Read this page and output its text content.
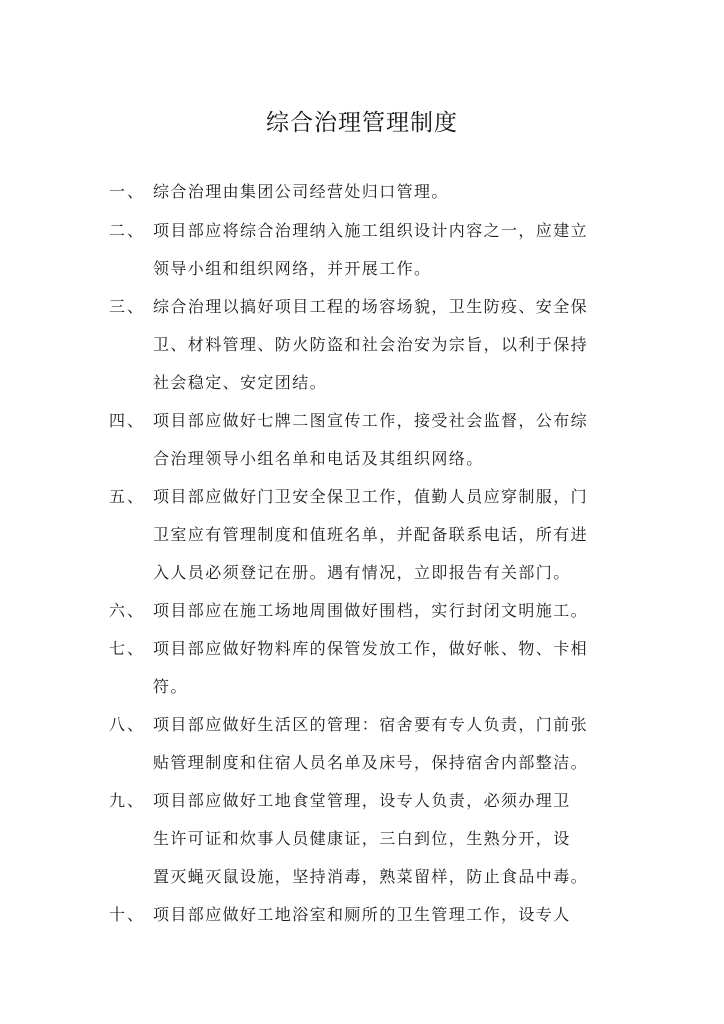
综合治理管理制度
一、 综合治理由集团公司经营处归口管理。
二、 项目部应将综合治理纳入施工组织设计内容之一，应建立
领导小组和组织网络，并开展工作。
三、 综合治理以搞好项目工程的场容场貌，卫生防疫、安全保
卫、材料管理、防火防盗和社会治安为宗旨，以利于保持
社会稳定、安定团结。
四、 项目部应做好七牌二图宣传工作，接受社会监督，公布综
合治理领导小组名单和电话及其组织网络。
五、 项目部应做好门卫安全保卫工作，值勤人员应穿制服，门
卫室应有管理制度和值班名单，并配备联系电话，所有进
入人员必须登记在册。遇有情况，立即报告有关部门。
六、 项目部应在施工场地周围做好围档，实行封闭文明施工。
七、 项目部应做好物料库的保管发放工作，做好帐、物、卡相
符。
八、 项目部应做好生活区的管理：宿舍要有专人负责，门前张
贴管理制度和住宿人员名单及床号，保持宿舍内部整洁。
九、 项目部应做好工地食堂管理，设专人负责，必须办理卫
生许可证和炊事人员健康证，三白到位，生熟分开，设
置灭蝇灭鼠设施，坚持消毒，熟菜留样，防止食品中毒。
十、 项目部应做好工地浴室和厕所的卫生管理工作，设专人
